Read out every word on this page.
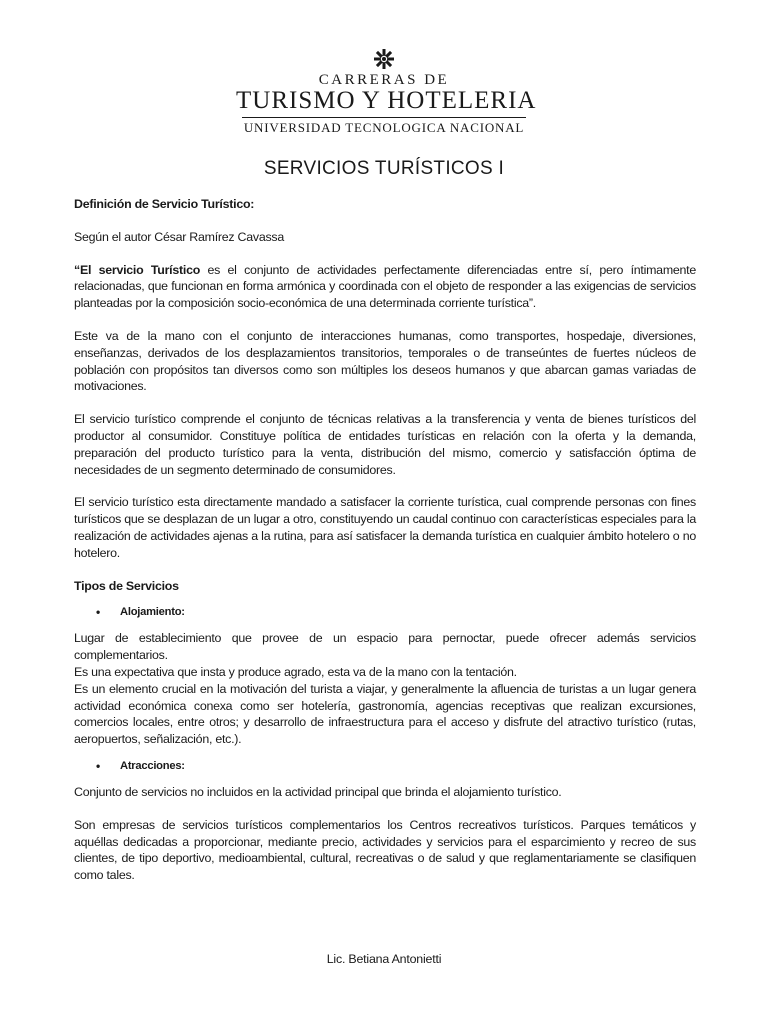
CARRERAS DE
TURISMO Y HOTELERIA
UNIVERSIDAD TECNOLOGICA NACIONAL
SERVICIOS TURÍSTICOS I

Definición de Servicio Turístico:

Según el autor César Ramírez Cavassa

“El servicio Turístico es el conjunto de actividades perfectamente diferenciadas entre sí, pero íntimamente relacionadas, que funcionan en forma armónica y coordinada con el objeto de responder a las exigencias de servicios planteadas por la composición socio-económica de una determinada corriente turística”.

Este va de la mano con el conjunto de interacciones humanas, como transportes, hospedaje, diversiones, enseñanzas, derivados de los desplazamientos transitorios, temporales o de transeúntes de fuertes núcleos de población con propósitos tan diversos como son múltiples los deseos humanos y que abarcan gamas variadas de motivaciones.

El servicio turístico comprende el conjunto de técnicas relativas a la transferencia y venta de bienes turísticos del productor al consumidor. Constituye política de entidades turísticas en relación con la oferta y la demanda, preparación del producto turístico para la venta, distribución del mismo, comercio y satisfacción óptima de necesidades de un segmento determinado de consumidores.

El servicio turístico esta directamente mandado a satisfacer la corriente turística, cual comprende personas con fines turísticos que se desplazan de un lugar a otro, constituyendo un caudal continuo con características especiales para la realización de actividades ajenas a la rutina, para así satisfacer la demanda turística en cualquier ámbito hotelero o no hotelero.

Tipos de Servicios

• Alojamiento:

Lugar de establecimiento que provee de un espacio para pernoctar, puede ofrecer además servicios complementarios.

Es una expectativa que insta y produce agrado, esta va de la mano con la tentación.

Es un elemento crucial en la motivación del turista a viajar, y generalmente la afluencia de turistas a un lugar genera actividad económica conexa como ser hotelería, gastronomía, agencias receptivas que realizan excursiones, comercios locales, entre otros; y desarrollo de infraestructura para el acceso y disfrute del atractivo turístico (rutas, aeropuertos, señalización, etc.).

• Atracciones:

Conjunto de servicios no incluidos en la actividad principal que brinda el alojamiento turístico.

Son empresas de servicios turísticos complementarios los Centros recreativos turísticos. Parques temáticos y aquéllas dedicadas a proporcionar, mediante precio, actividades y servicios para el esparcimiento y recreo de sus clientes, de tipo deportivo, medioambiental, cultural, recreativas o de salud y que reglamentariamente se clasifiquen como tales.

Lic. Betiana Antonietti
